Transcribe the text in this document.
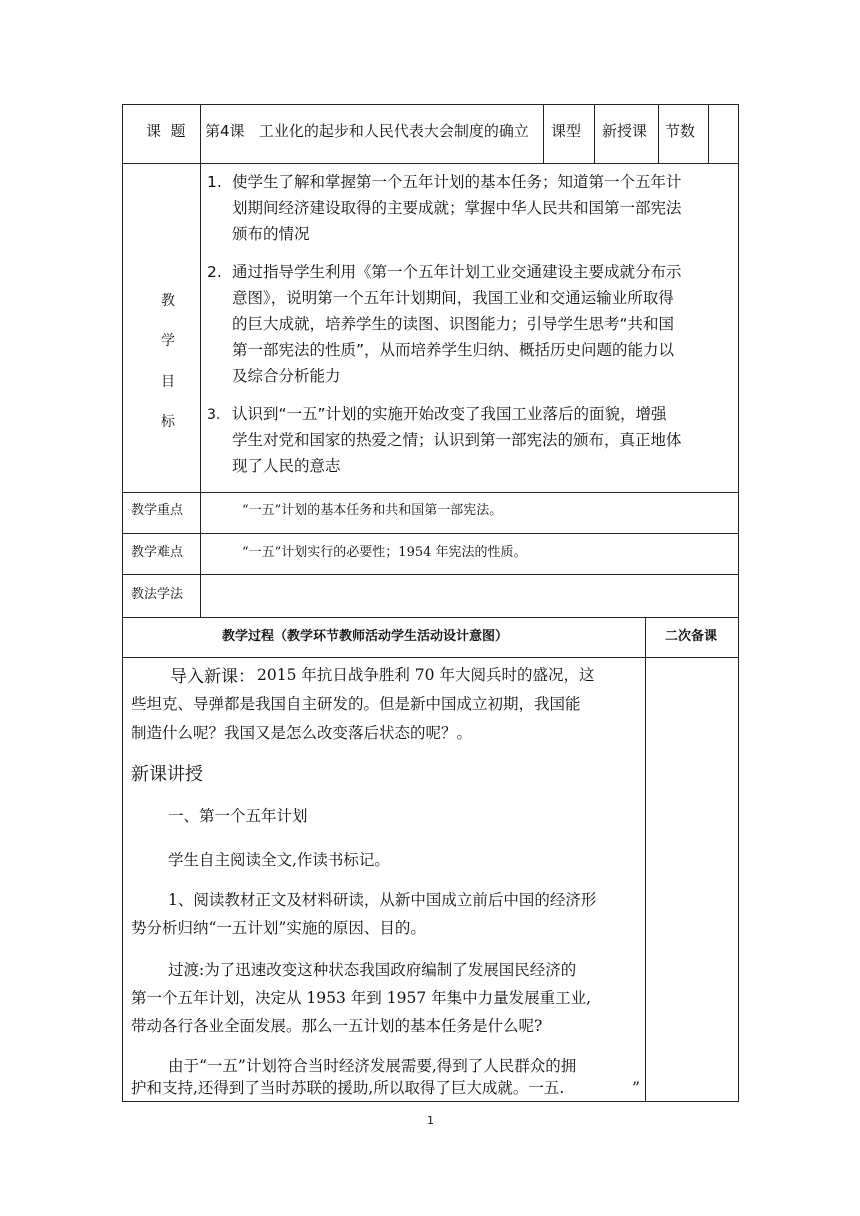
课  题 第4课   工业化的起步和人民代表大会制度的确立 课型 新授课 节数
教
学
目
标
1. 使学生了解和掌握第一个五年计划的基本任务；知道第一个五年计
划期间经济建设取得的主要成就；掌握中华人民共和国第一部宪法
颁布的情况
2. 通过指导学生利用《第一个五年计划工业交通建设主要成就分布示
意图》，说明第一个五年计划期间，我国工业和交通运输业所取得
的巨大成就，培养学生的读图、识图能力；引导学生思考“共和国
第一部宪法的性质”，从而培养学生归纳、概括历史问题的能力以
及综合分析能力
3. 认识到“一五”计划的实施开始改变了我国工业落后的面貌，增强
学生对党和国家的热爱之情；认识到第一部宪法的颁布，真正地体
现了人民的意志
教学重点	“一五”计划的基本任务和共和国第一部宪法。
教学难点	“一五”计划实行的必要性；1954 年宪法的性质。
教法学法
教学过程（教学环节教师活动学生活动设计意图）	二次备课
导入新课： 2015 年抗日战争胜利 70 年大阅兵时的盛况，这
些坦克、导弹都是我国自主研发的。但是新中国成立初期，我国能
制造什么呢？我国又是怎么改变落后状态的呢？。
新课讲授
一、第一个五年计划
学生自主阅读全文,作读书标记。
1、阅读教材正文及材料研读，从新中国成立前后中国的经济形
势分析归纳“一五计划”实施的原因、目的。
过渡:为了迅速改变这种状态我国政府编制了发展国民经济的
第一个五年计划，决定从 1953 年到 1957 年集中力量发展重工业,
带动各行各业全面发展。那么一五计划的基本任务是什么呢?
由于“一五”计划符合当时经济发展需要,得到了人民群众的拥
护和支持,还得到了当时苏联的援助,所以取得了巨大成就。一五.	”
1
